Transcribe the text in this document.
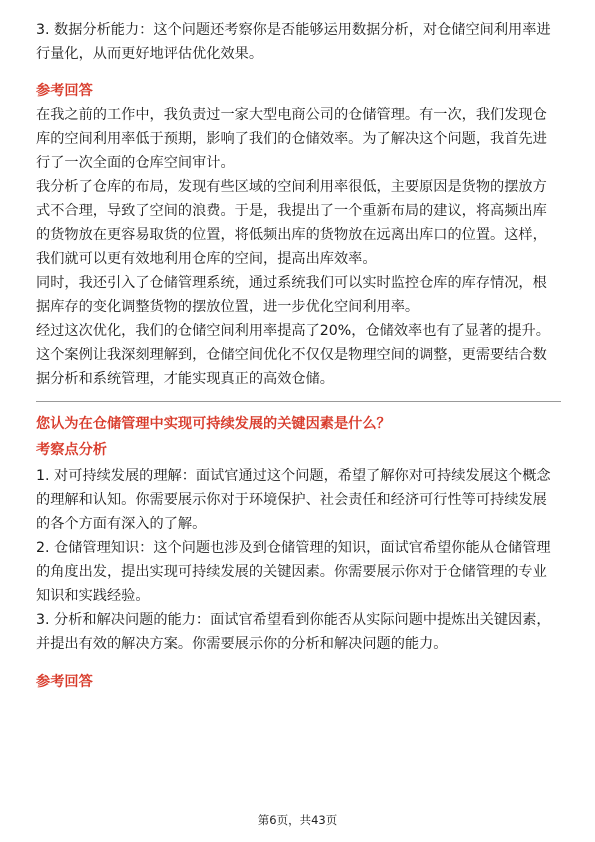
3. 数据分析能力：这个问题还考察你是否能够运用数据分析，对仓储空间利用率进
行量化，从而更好地评估优化效果。
参考回答
在我之前的工作中，我负责过一家大型电商公司的仓储管理。有一次，我们发现仓
库的空间利用率低于预期，影响了我们的仓储效率。为了解决这个问题，我首先进
行了一次全面的仓库空间审计。
我分析了仓库的布局，发现有些区域的空间利用率很低，主要原因是货物的摆放方
式不合理，导致了空间的浪费。于是，我提出了一个重新布局的建议，将高频出库
的货物放在更容易取货的位置，将低频出库的货物放在远离出库口的位置。这样，
我们就可以更有效地利用仓库的空间，提高出库效率。
同时，我还引入了仓储管理系统，通过系统我们可以实时监控仓库的库存情况，根
据库存的变化调整货物的摆放位置，进一步优化空间利用率。
经过这次优化，我们的仓储空间利用率提高了20%，仓储效率也有了显著的提升。
这个案例让我深刻理解到，仓储空间优化不仅仅是物理空间的调整，更需要结合数
据分析和系统管理，才能实现真正的高效仓储。
您认为在仓储管理中实现可持续发展的关键因素是什么？
考察点分析
1. 对可持续发展的理解：面试官通过这个问题，希望了解你对可持续发展这个概念
的理解和认知。你需要展示你对于环境保护、社会责任和经济可行性等可持续发展
的各个方面有深入的了解。
2. 仓储管理知识：这个问题也涉及到仓储管理的知识，面试官希望你能从仓储管理
的角度出发，提出实现可持续发展的关键因素。你需要展示你对于仓储管理的专业
知识和实践经验。
3. 分析和解决问题的能力：面试官希望看到你能否从实际问题中提炼出关键因素，
并提出有效的解决方案。你需要展示你的分析和解决问题的能力。
参考回答
第6页，共43页
